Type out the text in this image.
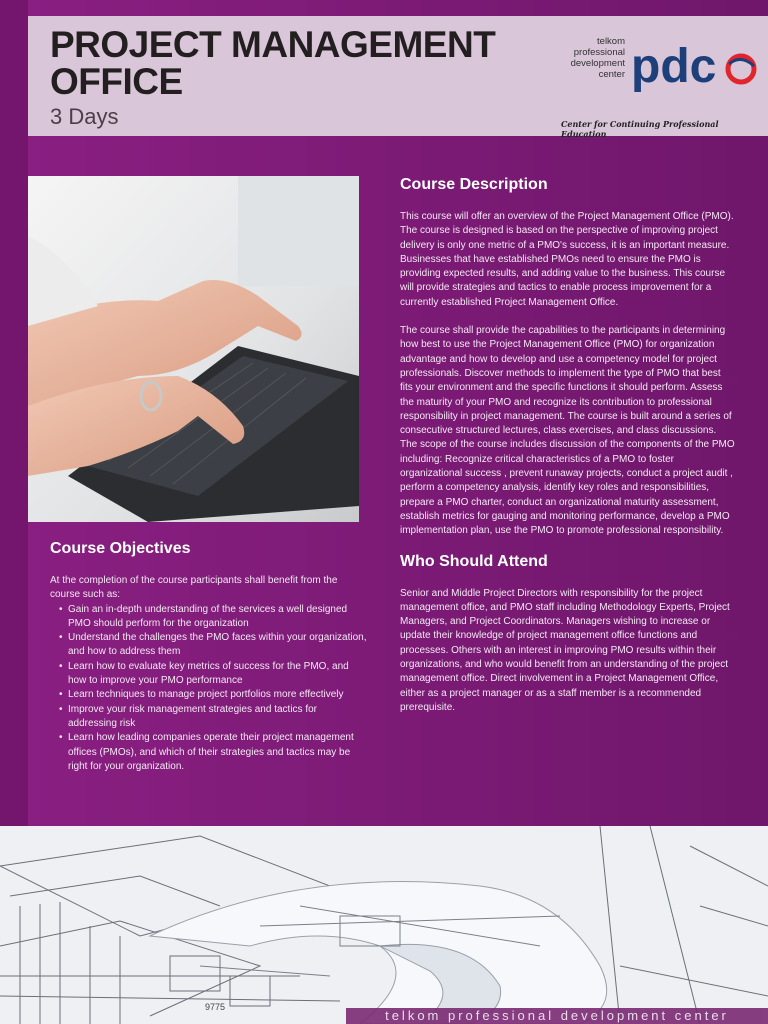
PROJECT MANAGEMENT
OFFICE
3 Days
telkom
professional
development
center pdc
Center for Continuing Professional Education
Course Description

This course will offer an overview of the Project Management Office (PMO). The course is designed is based on the perspective of improving project delivery is only one metric of a PMO's success, it is an important measure. Businesses that have established PMOs need to ensure the PMO is providing expected results, and adding value to the business. This course will provide strategies and tactics to enable process improvement for a currently established Project Management Office.

The course shall provide the capabilities to the participants in determining how best to use the Project Management Office (PMO) for organization advantage and how to develop and use a competency model for project professionals. Discover methods to implement the type of PMO that best fits your environment and the specific functions it should perform. Assess the maturity of your PMO and recognize its contribution to professional responsibility in project management. The course is built around a series of consecutive structured lectures, class exercises, and class discussions. The scope of the course includes discussion of the components of the PMO including: Recognize critical characteristics of a PMO to foster organizational success , prevent runaway projects, conduct a project audit , perform a competency analysis, identify key roles and responsibilities, prepare a PMO charter, conduct an organizational maturity assessment, establish metrics for gauging and monitoring performance, develop a PMO implementation plan, use the PMO to promote professional responsibility.

Who Should Attend

Senior and Middle Project Directors with responsibility for the project management office, and PMO staff including Methodology Experts, Project Managers, and Project Coordinators. Managers wishing to increase or update their knowledge of project management office functions and processes. Others with an interest in improving PMO results within their organizations, and who would benefit from an understanding of the project management office. Direct involvement in a Project Management Office, either as a project manager or as a staff member is a recommended prerequisite.

Course Objectives

At the completion of the course participants shall benefit from the course such as:

• Gain an in-depth understanding of the services a well designed PMO should perform for the organization
• Understand the challenges the PMO faces within your organization, and how to address them
• Learn how to evaluate key metrics of success for the PMO, and how to improve your PMO performance
• Learn techniques to manage project portfolios more effectively
• Improve your risk management strategies and tactics for addressing risk
• Learn how leading companies operate their project management offices (PMOs), and which of their strategies and tactics may be right for your organization.
9775
telkom professional development center
